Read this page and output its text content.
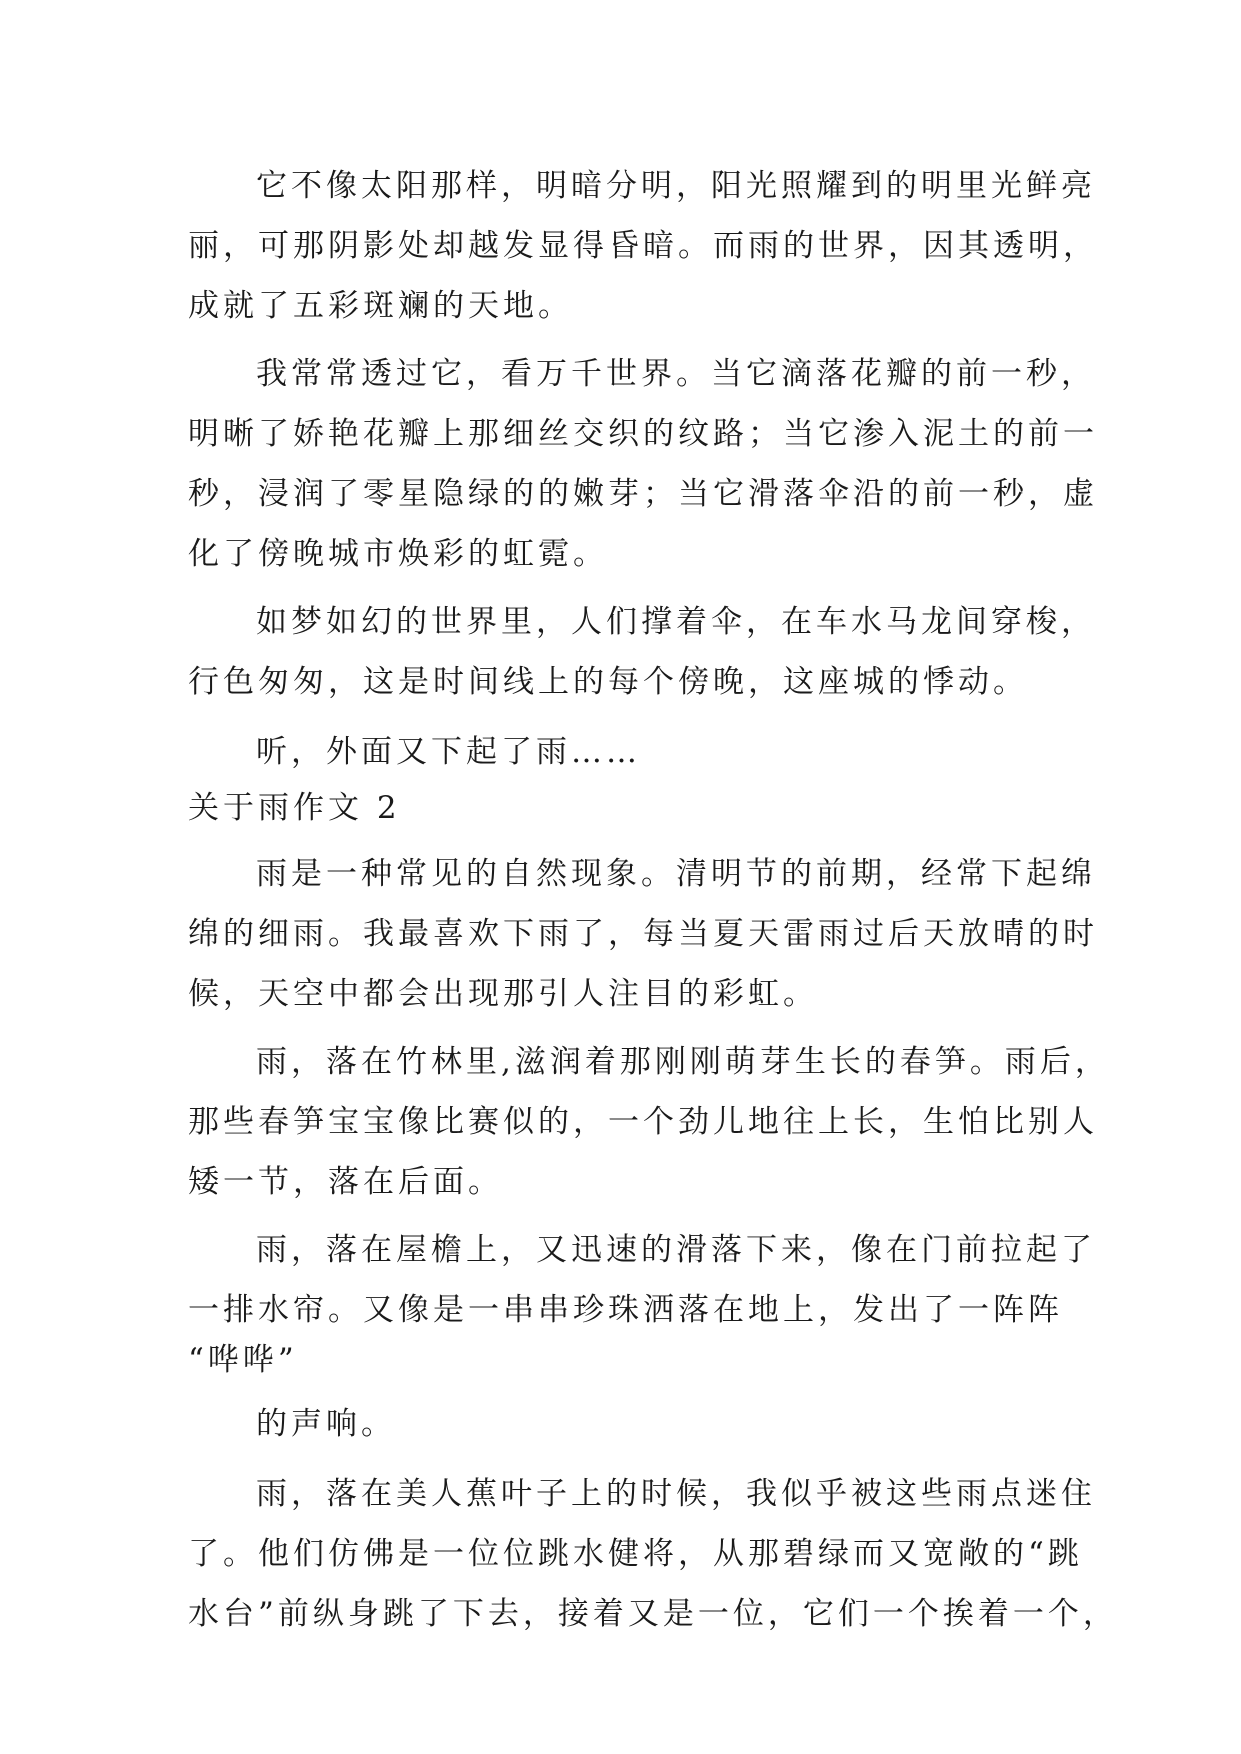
它不像太阳那样，明暗分明，阳光照耀到的明里光鲜亮

丽，可那阴影处却越发显得昏暗。而雨的世界，因其透明，

成就了五彩斑斓的天地。

我常常透过它，看万千世界。当它滴落花瓣的前一秒，

明晰了娇艳花瓣上那细丝交织的纹路；当它渗入泥土的前一

秒，浸润了零星隐绿的的嫩芽；当它滑落伞沿的前一秒，虚

化了傍晚城市焕彩的虹霓。

如梦如幻的世界里，人们撑着伞，在车水马龙间穿梭，

行色匆匆，这是时间线上的每个傍晚，这座城的悸动。

听，外面又下起了雨……

关于雨作文 2

雨是一种常见的自然现象。清明节的前期，经常下起绵

绵的细雨。我最喜欢下雨了，每当夏天雷雨过后天放晴的时

候，天空中都会出现那引人注目的彩虹。

雨，落在竹林里,滋润着那刚刚萌芽生长的春笋。雨后，

那些春笋宝宝像比赛似的，一个劲儿地往上长，生怕比别人

矮一节，落在后面。

雨，落在屋檐上，又迅速的滑落下来，像在门前拉起了

一排水帘。又像是一串串珍珠洒落在地上，发出了一阵阵

“哗哗”

的声响。

雨，落在美人蕉叶子上的时候，我似乎被这些雨点迷住

了。他们仿佛是一位位跳水健将，从那碧绿而又宽敞的“跳

水台”前纵身跳了下去，接着又是一位，它们一个挨着一个，
